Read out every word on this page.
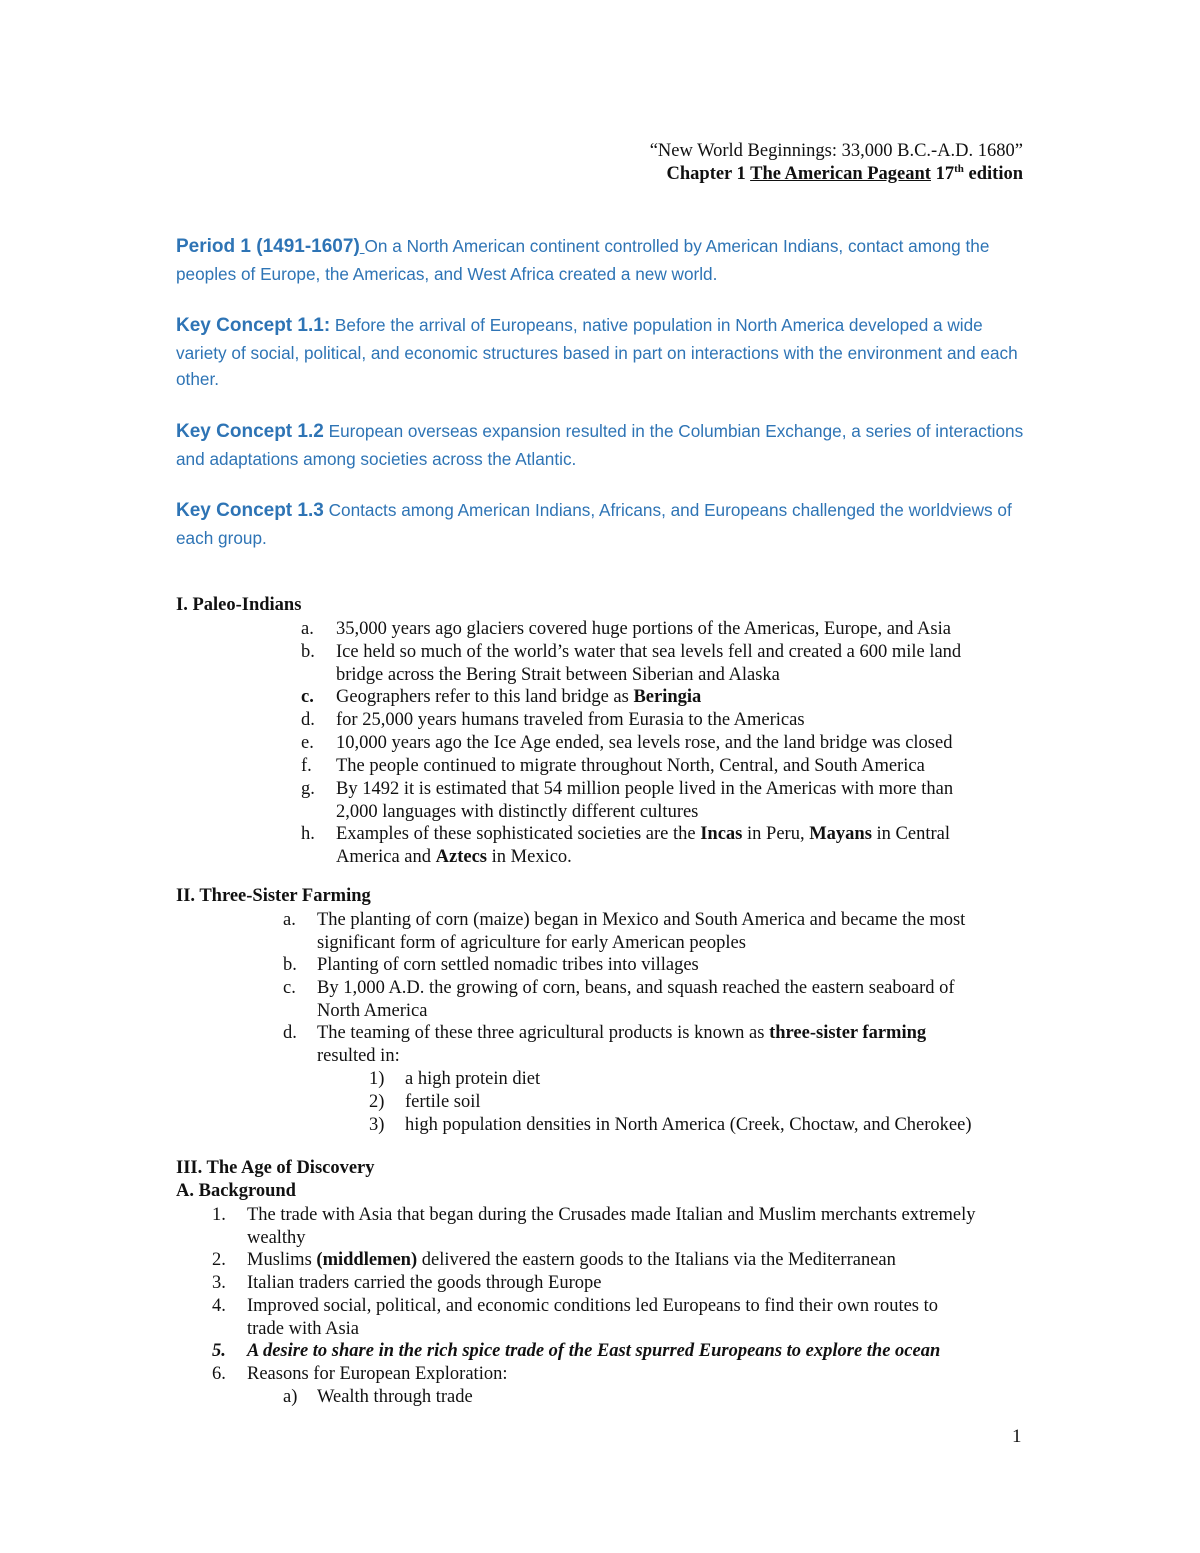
“New World Beginnings: 33,000 B.C.-A.D. 1680”
Chapter 1 The American Pageant 17th edition
Period 1 (1491-1607) On a North American continent controlled by American Indians, contact among the peoples of Europe, the Americas, and West Africa created a new world.
Key Concept 1.1: Before the arrival of Europeans, native population in North America developed a wide variety of social, political, and economic structures based in part on interactions with the environment and each other.
Key Concept 1.2 European overseas expansion resulted in the Columbian Exchange, a series of interactions and adaptations among societies across the Atlantic.
Key Concept 1.3 Contacts among American Indians, Africans, and Europeans challenged the worldviews of each group.
I. Paleo-Indians
a. 35,000 years ago glaciers covered huge portions of the Americas, Europe, and Asia
b. Ice held so much of the world’s water that sea levels fell and created a 600 mile land
bridge across the Bering Strait between Siberian and Alaska
c. Geographers refer to this land bridge as Beringia
d. for 25,000 years humans traveled from Eurasia to the Americas
e. 10,000 years ago the Ice Age ended, sea levels rose, and the land bridge was closed
f. The people continued to migrate throughout North, Central, and South America
g. By 1492 it is estimated that 54 million people lived in the Americas with more than
2,000 languages with distinctly different cultures
h. Examples of these sophisticated societies are the Incas in Peru, Mayans in Central
America and Aztecs in Mexico.
II. Three-Sister Farming
a. The planting of corn (maize) began in Mexico and South America and became the most
significant form of agriculture for early American peoples
b. Planting of corn settled nomadic tribes into villages
c. By 1,000 A.D. the growing of corn, beans, and squash reached the eastern seaboard of
North America
d. The teaming of these three agricultural products is known as three-sister farming
resulted in:
1) a high protein diet
2) fertile soil
3) high population densities in North America (Creek, Choctaw, and Cherokee)
III. The Age of Discovery
A. Background
1. The trade with Asia that began during the Crusades made Italian and Muslim merchants extremely
wealthy
2. Muslims (middlemen) delivered the eastern goods to the Italians via the Mediterranean
3. Italian traders carried the goods through Europe
4. Improved social, political, and economic conditions led Europeans to find their own routes to
trade with Asia
5. A desire to share in the rich spice trade of the East spurred Europeans to explore the ocean
6. Reasons for European Exploration:
a) Wealth through trade
1
